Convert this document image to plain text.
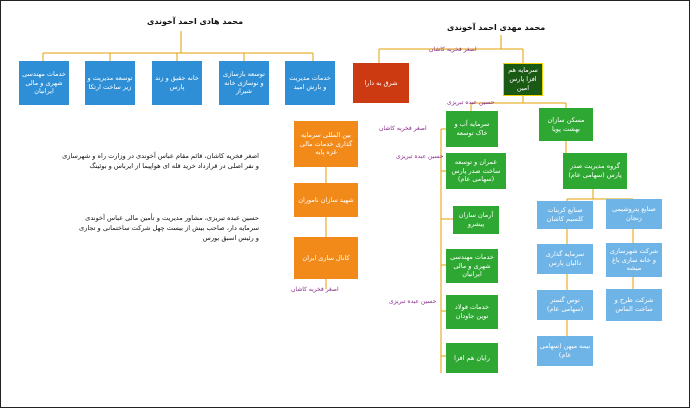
محمد هادی احمد آخوندی
محمد مهدی احمد آخوندی
خدمات مهندسی شهری و مالی ایرانیان
توسعه مدیریت و زیر ساخت ارتکا
خانه حقیق و زند پارس
توسعه بازسازی و نوسازی خانه شیراز
خدمات مدیریت و بارش امید
شرق به دارا
سرمایه هم افزا پارس امین
اصغر فخریه کاشان
حسین عبده تبریزی
اصغر فخریه کاشان
حسین عبده تبریزی
اصغر فخریه کاشان
حسین عبده تبریزی
بین المللی سرمایه گذاری خدمات مالی غزه پایه
شهید سازان ناموران
کانال سازی ایران
سرمایه آب و خاک توسعه
عمران و توسعه ساخت صدر پارس (سهامی عام)
آرمان سازان پیشرو
خدمات مهندسی شهری و مالی ایرانیان
خدمات فولاد نوین جاودان
رایان هم افزا
مسکن سازان بهشت پویا
گروه مدیریت صدر پارس (سهامی عام)
صنایع کربنات کلسیم کاشان
سرمایه گذاری دالیان پارس
توس گستر (سهامی عام)
بیمه میهن (سهامی عام)
صنایع پتروشیمی زنجان
شرکت شهرسازی و خانه سازی باغ میشه
شرکت طرح و ساخت الماس
اصغر فخریه کاشان، قائم مقام عباس آخوندی در وزارت راه و شهرسازی
و نفر اصلی در قرارداد خرید قله ای هواپیما از ایرباس و بوئینگ
حسین عبده تبریزی، مشاور مدیریت و تأمین مالی عباس آخوندی
سرمایه دار، صاحب بیش از بیست چهل شرکت ساختمانی و تجاری
و رئیس اسبق بورس
